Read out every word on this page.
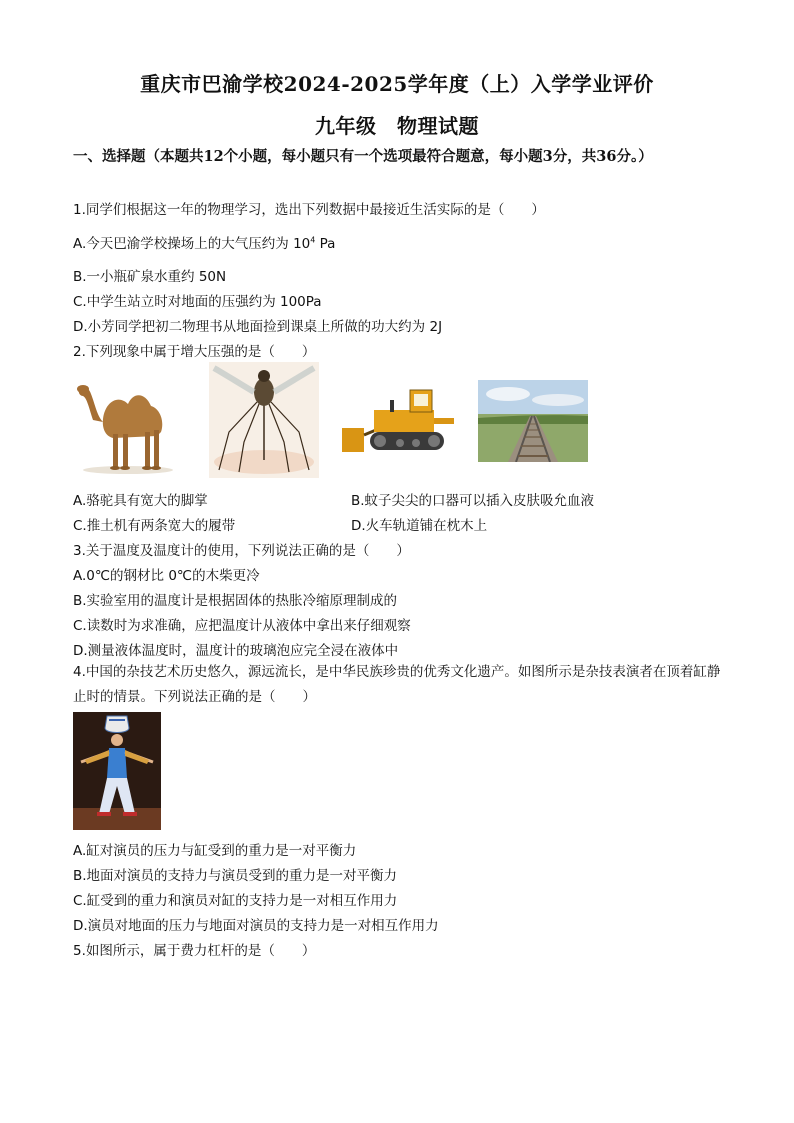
重庆市巴渝学校2024-2025学年度（上）入学学业评价
九年级　物理试题
一、选择题（本题共12个小题，每小题只有一个选项最符合题意，每小题3分，共36分。）
1.同学们根据这一年的物理学习，选出下列数据中最接近生活实际的是（　　）
A.今天巴渝学校操场上的大气压约为 $10^4$ Pa
B.一小瓶矿泉水重约 50N
C.中学生站立时对地面的压强约为 100Pa
D.小芳同学把初二物理书从地面捡到课桌上所做的功大约为 2J
2.下列现象中属于增大压强的是（　　）
A.骆驼具有宽大的脚掌	B.蚊子尖尖的口器可以插入皮肤吸允血液
C.推土机有两条宽大的履带	D.火车轨道铺在枕木上
3.关于温度及温度计的使用，下列说法正确的是（　　）
A.0℃的钢材比 0℃的木柴更冷
B.实验室用的温度计是根据固体的热胀冷缩原理制成的
C.读数时为求准确，应把温度计从液体中拿出来仔细观察
D.测量液体温度时，温度计的玻璃泡应完全浸在液体中
4.中国的杂技艺术历史悠久，源远流长，是中华民族珍贵的优秀文化遗产。如图所示是杂技表演者在顶着缸静止时的情景。下列说法正确的是（　　）
A.缸对演员的压力与缸受到的重力是一对平衡力
B.地面对演员的支持力与演员受到的重力是一对平衡力
C.缸受到的重力和演员对缸的支持力是一对相互作用力
D.演员对地面的压力与地面对演员的支持力是一对相互作用力
5.如图所示，属于费力杠杆的是（　　）
